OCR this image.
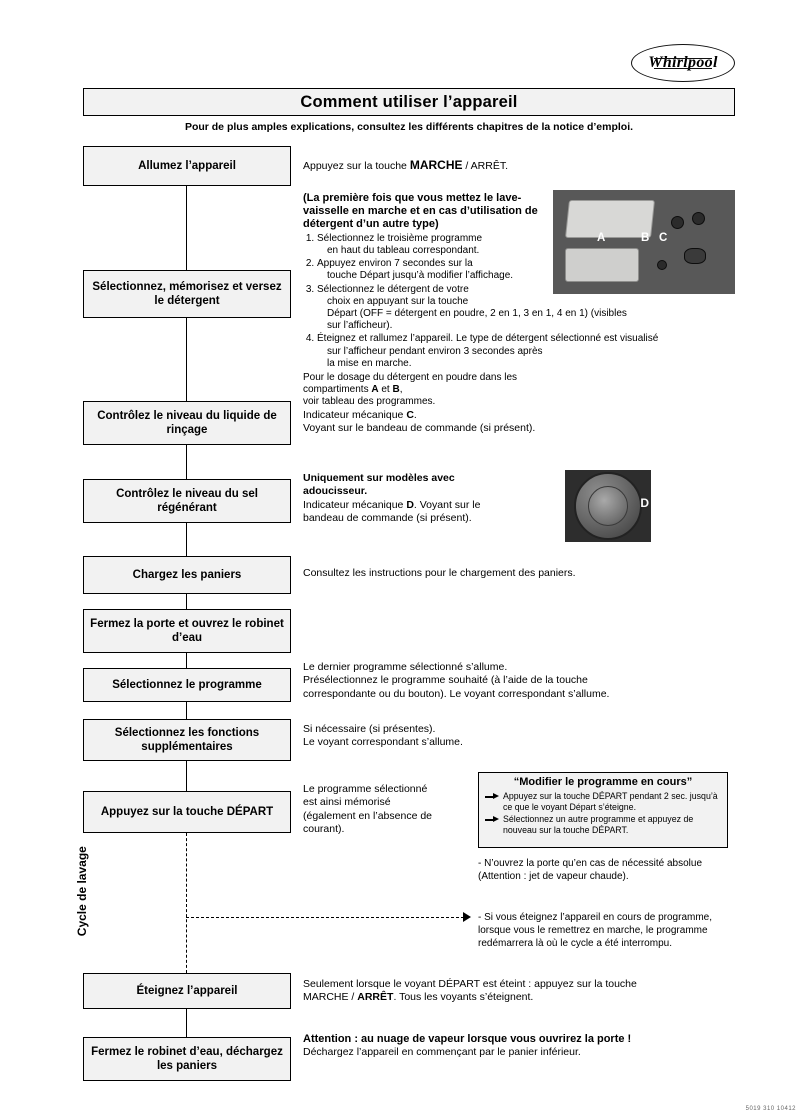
Whirlpool
Comment utiliser l’appareil
Pour de plus amples explications, consultez les différents chapitres de la notice d’emploi.
Allumez l’appareil
Sélectionnez, mémorisez et versez le détergent
Contrôlez le niveau du liquide de rinçage
Contrôlez le niveau du sel régénérant
Chargez les paniers
Fermez la porte et ouvrez le robinet d’eau
Sélectionnez le programme
Sélectionnez les fonctions supplémentaires
Appuyez sur la touche DÉPART
Éteignez l’appareil
Fermez le robinet d’eau, déchargez les paniers
Cycle de lavage
Appuyez sur la touche MARCHE / ARRÊT.
(La première fois que vous mettez le lave-vaisselle en marche et en cas d’utilisation de détergent d’un autre type)
1. Sélectionnez le troisième programme
en haut du tableau correspondant.
2. Appuyez environ 7 secondes sur la
touche Départ jusqu’à modifier l’affichage.
3. Sélectionnez le détergent de votre
choix en appuyant sur la touche
Départ (OFF = détergent en poudre, 2 en 1, 3 en 1, 4 en 1) (visibles
sur l’afficheur).
4. Éteignez et rallumez l’appareil. Le type de détergent sélectionné est visualisé
sur l’afficheur pendant environ 3 secondes après la mise en marche.
Pour le dosage du détergent en poudre dans les compartiments A et B,
voir tableau des programmes.
A	B C
Indicateur mécanique C.
Voyant sur le bandeau de commande (si présent).
Uniquement sur modèles avec
adoucisseur.
Indicateur mécanique D. Voyant sur le
bandeau de commande (si présent).
D
Consultez les instructions pour le chargement des paniers.
Le dernier programme sélectionné s’allume.
Présélectionnez le programme souhaité (à l’aide de la touche
correspondante ou du bouton). Le voyant correspondant s’allume.
Si nécessaire (si présentes).
Le voyant correspondant s’allume.
Le programme sélectionné
est ainsi mémorisé
(également en l’absence de
courant).
“Modifier le programme en cours”
Appuyez sur la touche DÉPART pendant 2 sec. jusqu’à ce que le voyant Départ s’éteigne.
Sélectionnez un autre programme et appuyez de nouveau sur la touche DÉPART.
- N’ouvrez la porte qu’en cas de nécessité absolue (Attention : jet de vapeur chaude).
- Si vous éteignez l’appareil en cours de programme, lorsque vous le remettrez en marche, le programme redémarrera là où le cycle a été interrompu.
Seulement lorsque le voyant DÉPART est éteint : appuyez sur la touche
MARCHE / ARRÊT. Tous les voyants s’éteignent.
Attention : au nuage de vapeur lorsque vous ouvrirez la porte !
Déchargez l’appareil en commençant par le panier inférieur.
5019 310 10412
